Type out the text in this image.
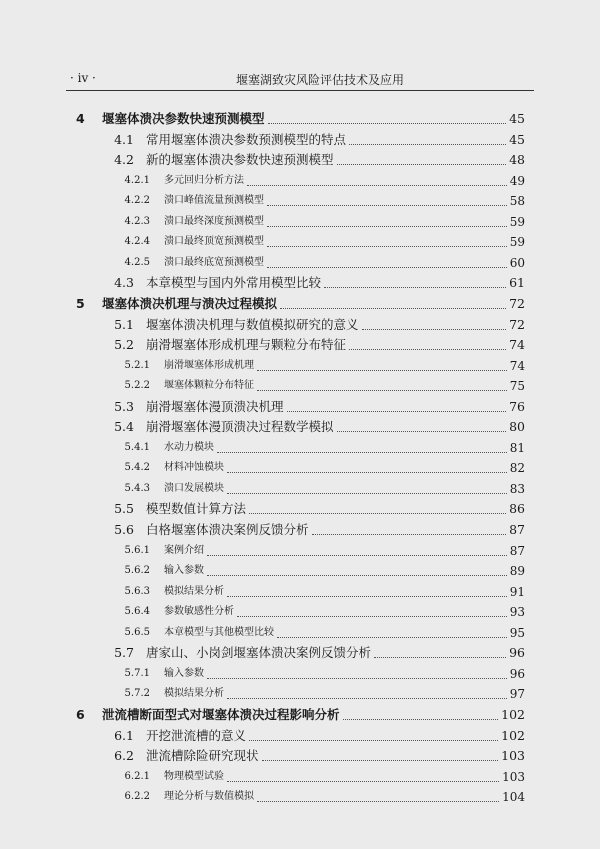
· iv ·	堰塞湖致灾风险评估技术及应用
4	堰塞体溃决参数快速预测模型	45
4.1 常用堰塞体溃决参数预测模型的特点	45
4.2 新的堰塞体溃决参数快速预测模型	48
4.2.1 多元回归分析方法	49
4.2.2 溃口峰值流量预测模型	58
4.2.3 溃口最终深度预测模型	59
4.2.4 溃口最终顶宽预测模型	59
4.2.5 溃口最终底宽预测模型	60
4.3 本章模型与国内外常用模型比较	61
5	堰塞体溃决机理与溃决过程模拟	72
5.1 堰塞体溃决机理与数值模拟研究的意义	72
5.2 崩滑堰塞体形成机理与颗粒分布特征	74
5.2.1 崩滑堰塞体形成机理	74
5.2.2 堰塞体颗粒分布特征	75
5.3 崩滑堰塞体漫顶溃决机理	76
5.4 崩滑堰塞体漫顶溃决过程数学模拟	80
5.4.1 水动力模块	81
5.4.2 材料冲蚀模块	82
5.4.3 溃口发展模块	83
5.5 模型数值计算方法	86
5.6 白格堰塞体溃决案例反馈分析	87
5.6.1 案例介绍	87
5.6.2 输入参数	89
5.6.3 模拟结果分析	91
5.6.4 参数敏感性分析	93
5.6.5 本章模型与其他模型比较	95
5.7 唐家山、小岗剑堰塞体溃决案例反馈分析	96
5.7.1 输入参数	96
5.7.2 模拟结果分析	97
6	泄流槽断面型式对堰塞体溃决过程影响分析	102
6.1 开挖泄流槽的意义	102
6.2 泄流槽除险研究现状	103
6.2.1 物理模型试验	103
6.2.2 理论分析与数值模拟	104
